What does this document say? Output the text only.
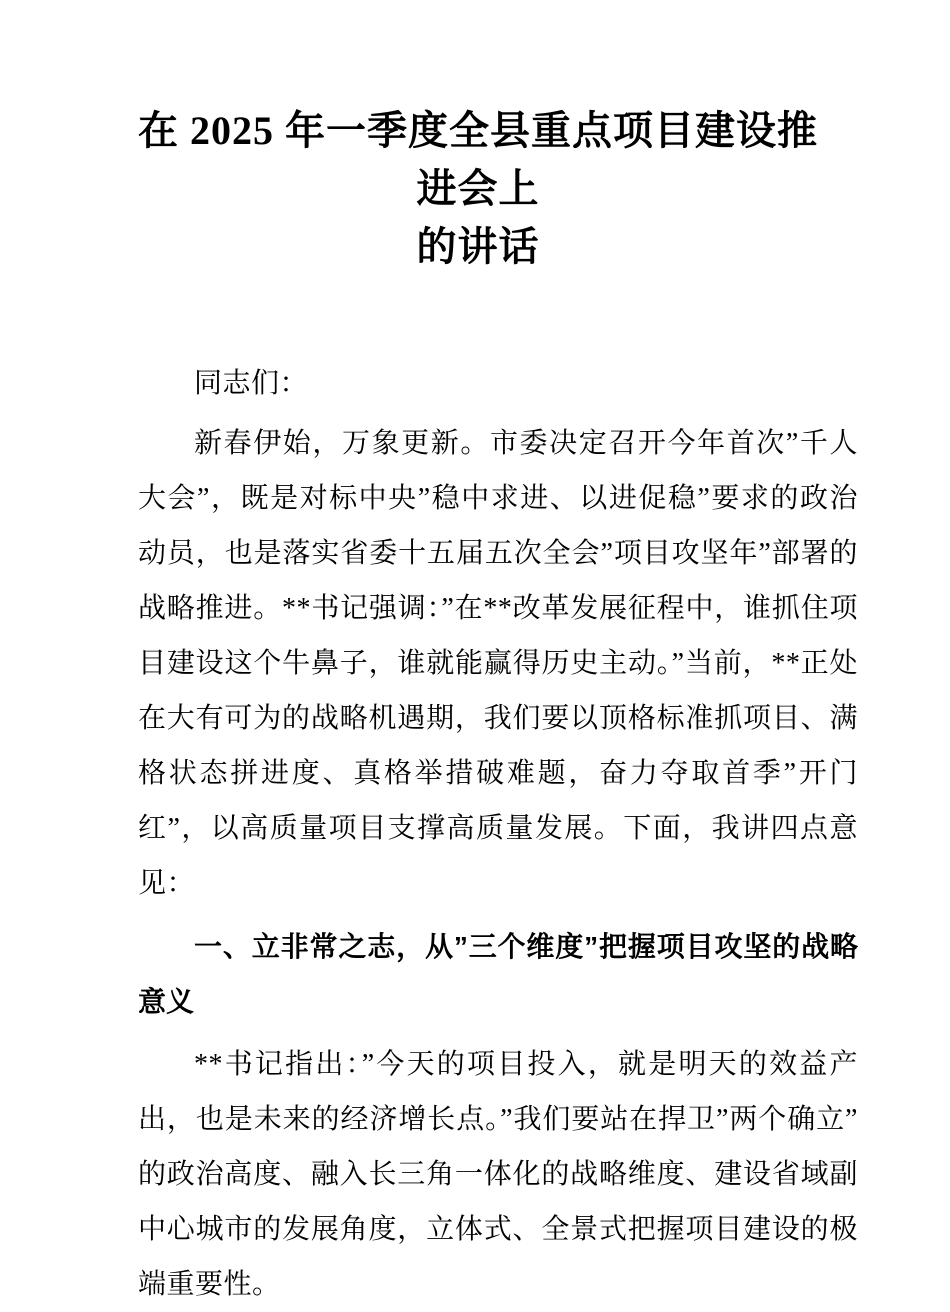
在 2025 年一季度全县重点项目建设推进会上
的讲话

同志们：

新春伊始，万象更新。市委决定召开今年首次”千人大会”，既是对标中央”稳中求进、以进促稳”要求的政治动员，也是落实省委十五届五次全会”项目攻坚年”部署的战略推进。**书记强调：”在**改革发展征程中，谁抓住项目建设这个牛鼻子，谁就能赢得历史主动。”当前，**正处在大有可为的战略机遇期，我们要以顶格标准抓项目、满格状态拼进度、真格举措破难题，奋力夺取首季”开门红”，以高质量项目支撑高质量发展。下面，我讲四点意见：

一、立非常之志，从”三个维度”把握项目攻坚的战略意义

**书记指出：”今天的项目投入，就是明天的效益产出，也是未来的经济增长点。”我们要站在捍卫”两个确立”的政治高度、融入长三角一体化的战略维度、建设省域副中心城市的发展角度，立体式、全景式把握项目建设的极端重要性。
